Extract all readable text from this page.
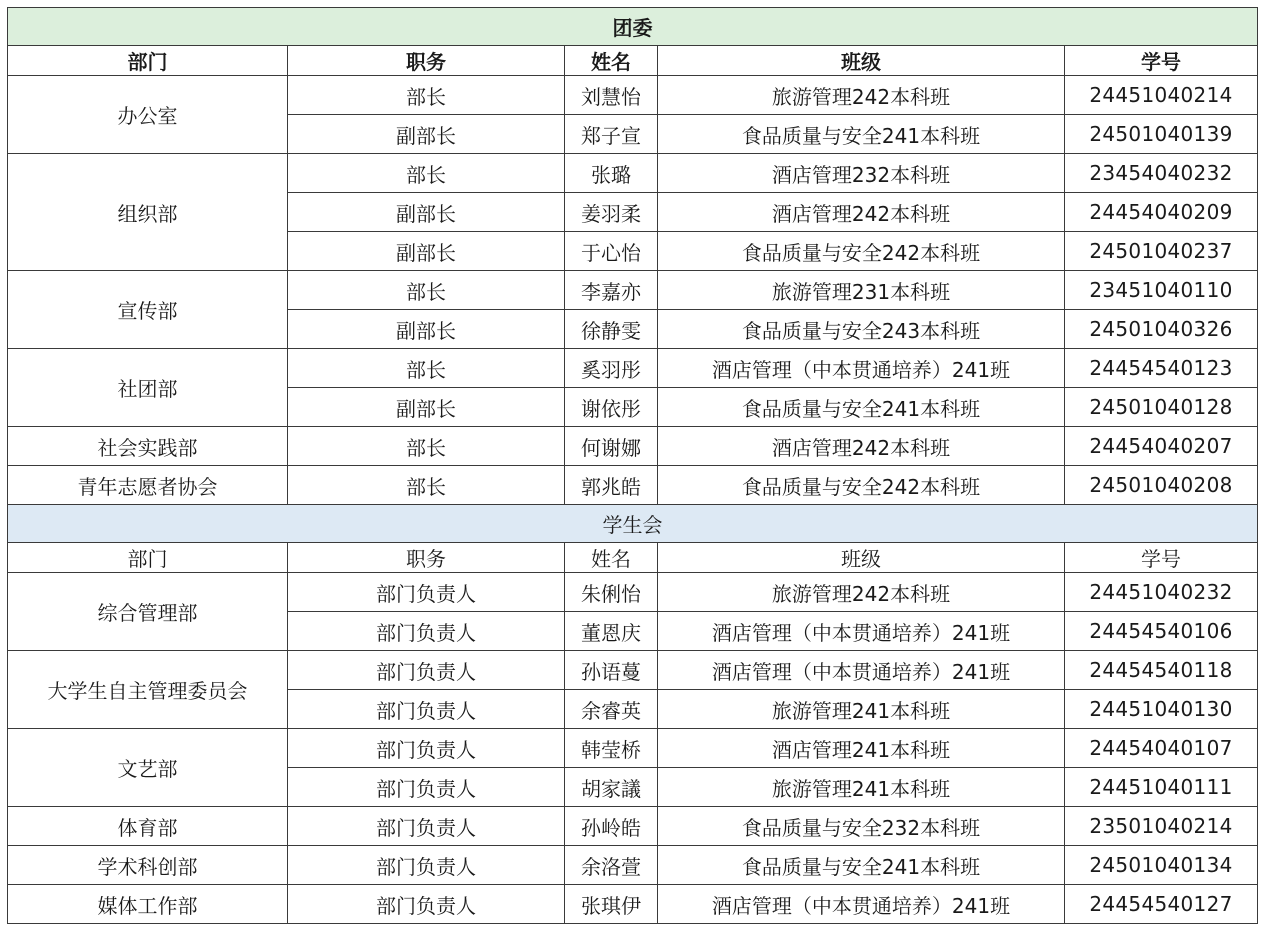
团委				
部门	职务	姓名	班级	学号
办公室	部长	刘慧怡	旅游管理242本科班	24451040214
	副部长	郑子宣	食品质量与安全241本科班	24501040139
组织部	部长	张璐	酒店管理232本科班	23454040232
	副部长	姜羽柔	酒店管理242本科班	24454040209
	副部长	于心怡	食品质量与安全242本科班	24501040237
宣传部	部长	李嘉亦	旅游管理231本科班	23451040110
	副部长	徐静雯	食品质量与安全243本科班	24501040326
社团部	部长	奚羽彤	酒店管理（中本贯通培养）241班	24454540123
	副部长	谢依彤	食品质量与安全241本科班	24501040128
社会实践部	部长	何谢娜	酒店管理242本科班	24454040207
青年志愿者协会	部长	郭兆皓	食品质量与安全242本科班	24501040208
学生会				
部门	职务	姓名	班级	学号
综合管理部	部门负责人	朱俐怡	旅游管理242本科班	24451040232
	部门负责人	董恩庆	酒店管理（中本贯通培养）241班	24454540106
大学生自主管理委员会	部门负责人	孙语蔓	酒店管理（中本贯通培养）241班	24454540118
	部门负责人	余睿英	旅游管理241本科班	24451040130
文艺部	部门负责人	韩莹桥	酒店管理241本科班	24454040107
	部门负责人	胡家議	旅游管理241本科班	24451040111
体育部	部门负责人	孙岭皓	食品质量与安全232本科班	23501040214
学术科创部	部门负责人	余洛萱	食品质量与安全241本科班	24501040134
媒体工作部	部门负责人	张琪伊	酒店管理（中本贯通培养）241班	24454540127
